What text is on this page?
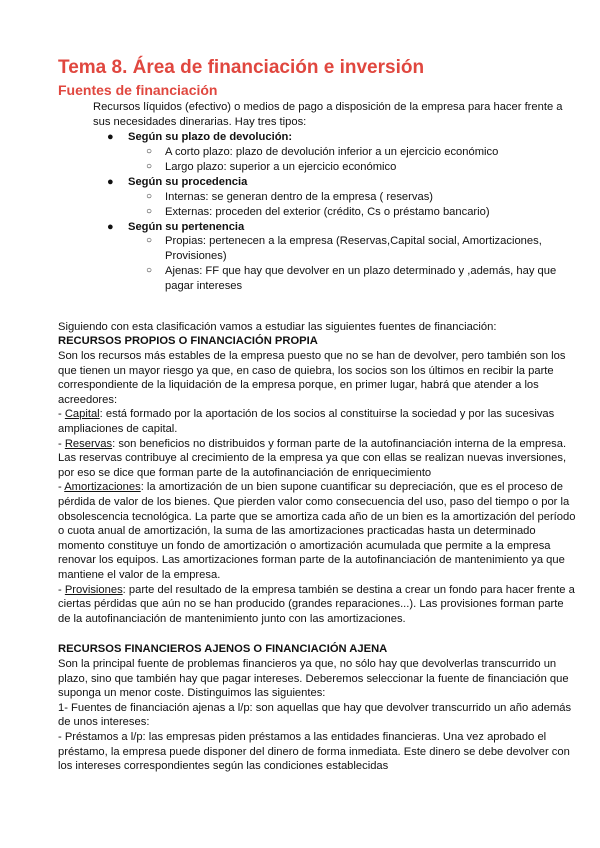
Tema 8. Área de financiación e inversión
Fuentes de financiación

Recursos líquidos (efectivo) o medios de pago a disposición de la empresa para hacer frente a sus necesidades dinerarias. Hay tres tipos:

● Según su plazo de devolución:
○ A corto plazo: plazo de devolución inferior a un ejercicio económico
○ Largo plazo: superior a un ejercicio económico
● Según su procedencia
○ Internas: se generan dentro de la empresa ( reservas)
○ Externas: proceden del exterior (crédito, Cs o préstamo bancario)
● Según su pertenencia
○ Propias: pertenecen a la empresa (Reservas,Capital social, Amortizaciones, Provisiones)
○ Ajenas: FF que hay que devolver en un plazo determinado y ,además, hay que pagar intereses

Siguiendo con esta clasificación vamos a estudiar las siguientes fuentes de financiación:

RECURSOS PROPIOS O FINANCIACIÓN PROPIA

Son los recursos más estables de la empresa puesto que no se han de devolver, pero también son los que tienen un mayor riesgo ya que, en caso de quiebra, los socios son los últimos en recibir la parte correspondiente de la liquidación de la empresa porque, en primer lugar, habrá que atender a los acreedores:
- Capital: está formado por la aportación de los socios al constituirse la sociedad y por las sucesivas ampliaciones de capital.
- Reservas: son beneficios no distribuidos y forman parte de la autofinanciación interna de la empresa. Las reservas contribuye al crecimiento de la empresa ya que con ellas se realizan nuevas inversiones, por eso se dice que forman parte de la autofinanciación de enriquecimiento
- Amortizaciones: la amortización de un bien supone cuantificar su depreciación, que es el proceso de pérdida de valor de los bienes. Que pierden valor como consecuencia del uso, paso del tiempo o por la obsolescencia tecnológica. La parte que se amortiza cada año de un bien es la amortización del período o cuota anual de amortización, la suma de las amortizaciones practicadas hasta un determinado momento constituye un fondo de amortización o amortización acumulada que permite a la empresa renovar los equipos. Las amortizaciones forman parte de la autofinanciación de mantenimiento ya que mantiene el valor de la empresa.
- Provisiones: parte del resultado de la empresa también se destina a crear un fondo para hacer frente a ciertas pérdidas que aún no se han producido (grandes reparaciones...). Las provisiones forman parte de la autofinanciación de mantenimiento junto con las amortizaciones.

RECURSOS FINANCIEROS AJENOS O FINANCIACIÓN AJENA

Son la principal fuente de problemas financieros ya que, no sólo hay que devolverlas transcurrido un plazo, sino que también hay que pagar intereses. Deberemos seleccionar la fuente de financiación que suponga un menor coste. Distinguimos las siguientes:
1- Fuentes de financiación ajenas a l/p: son aquellas que hay que devolver transcurrido un año además de unos intereses:
- Préstamos a l/p: las empresas piden préstamos a las entidades financieras. Una vez aprobado el préstamo, la empresa puede disponer del dinero de forma inmediata. Este dinero se debe devolver con los intereses correspondientes según las condiciones establecidas
